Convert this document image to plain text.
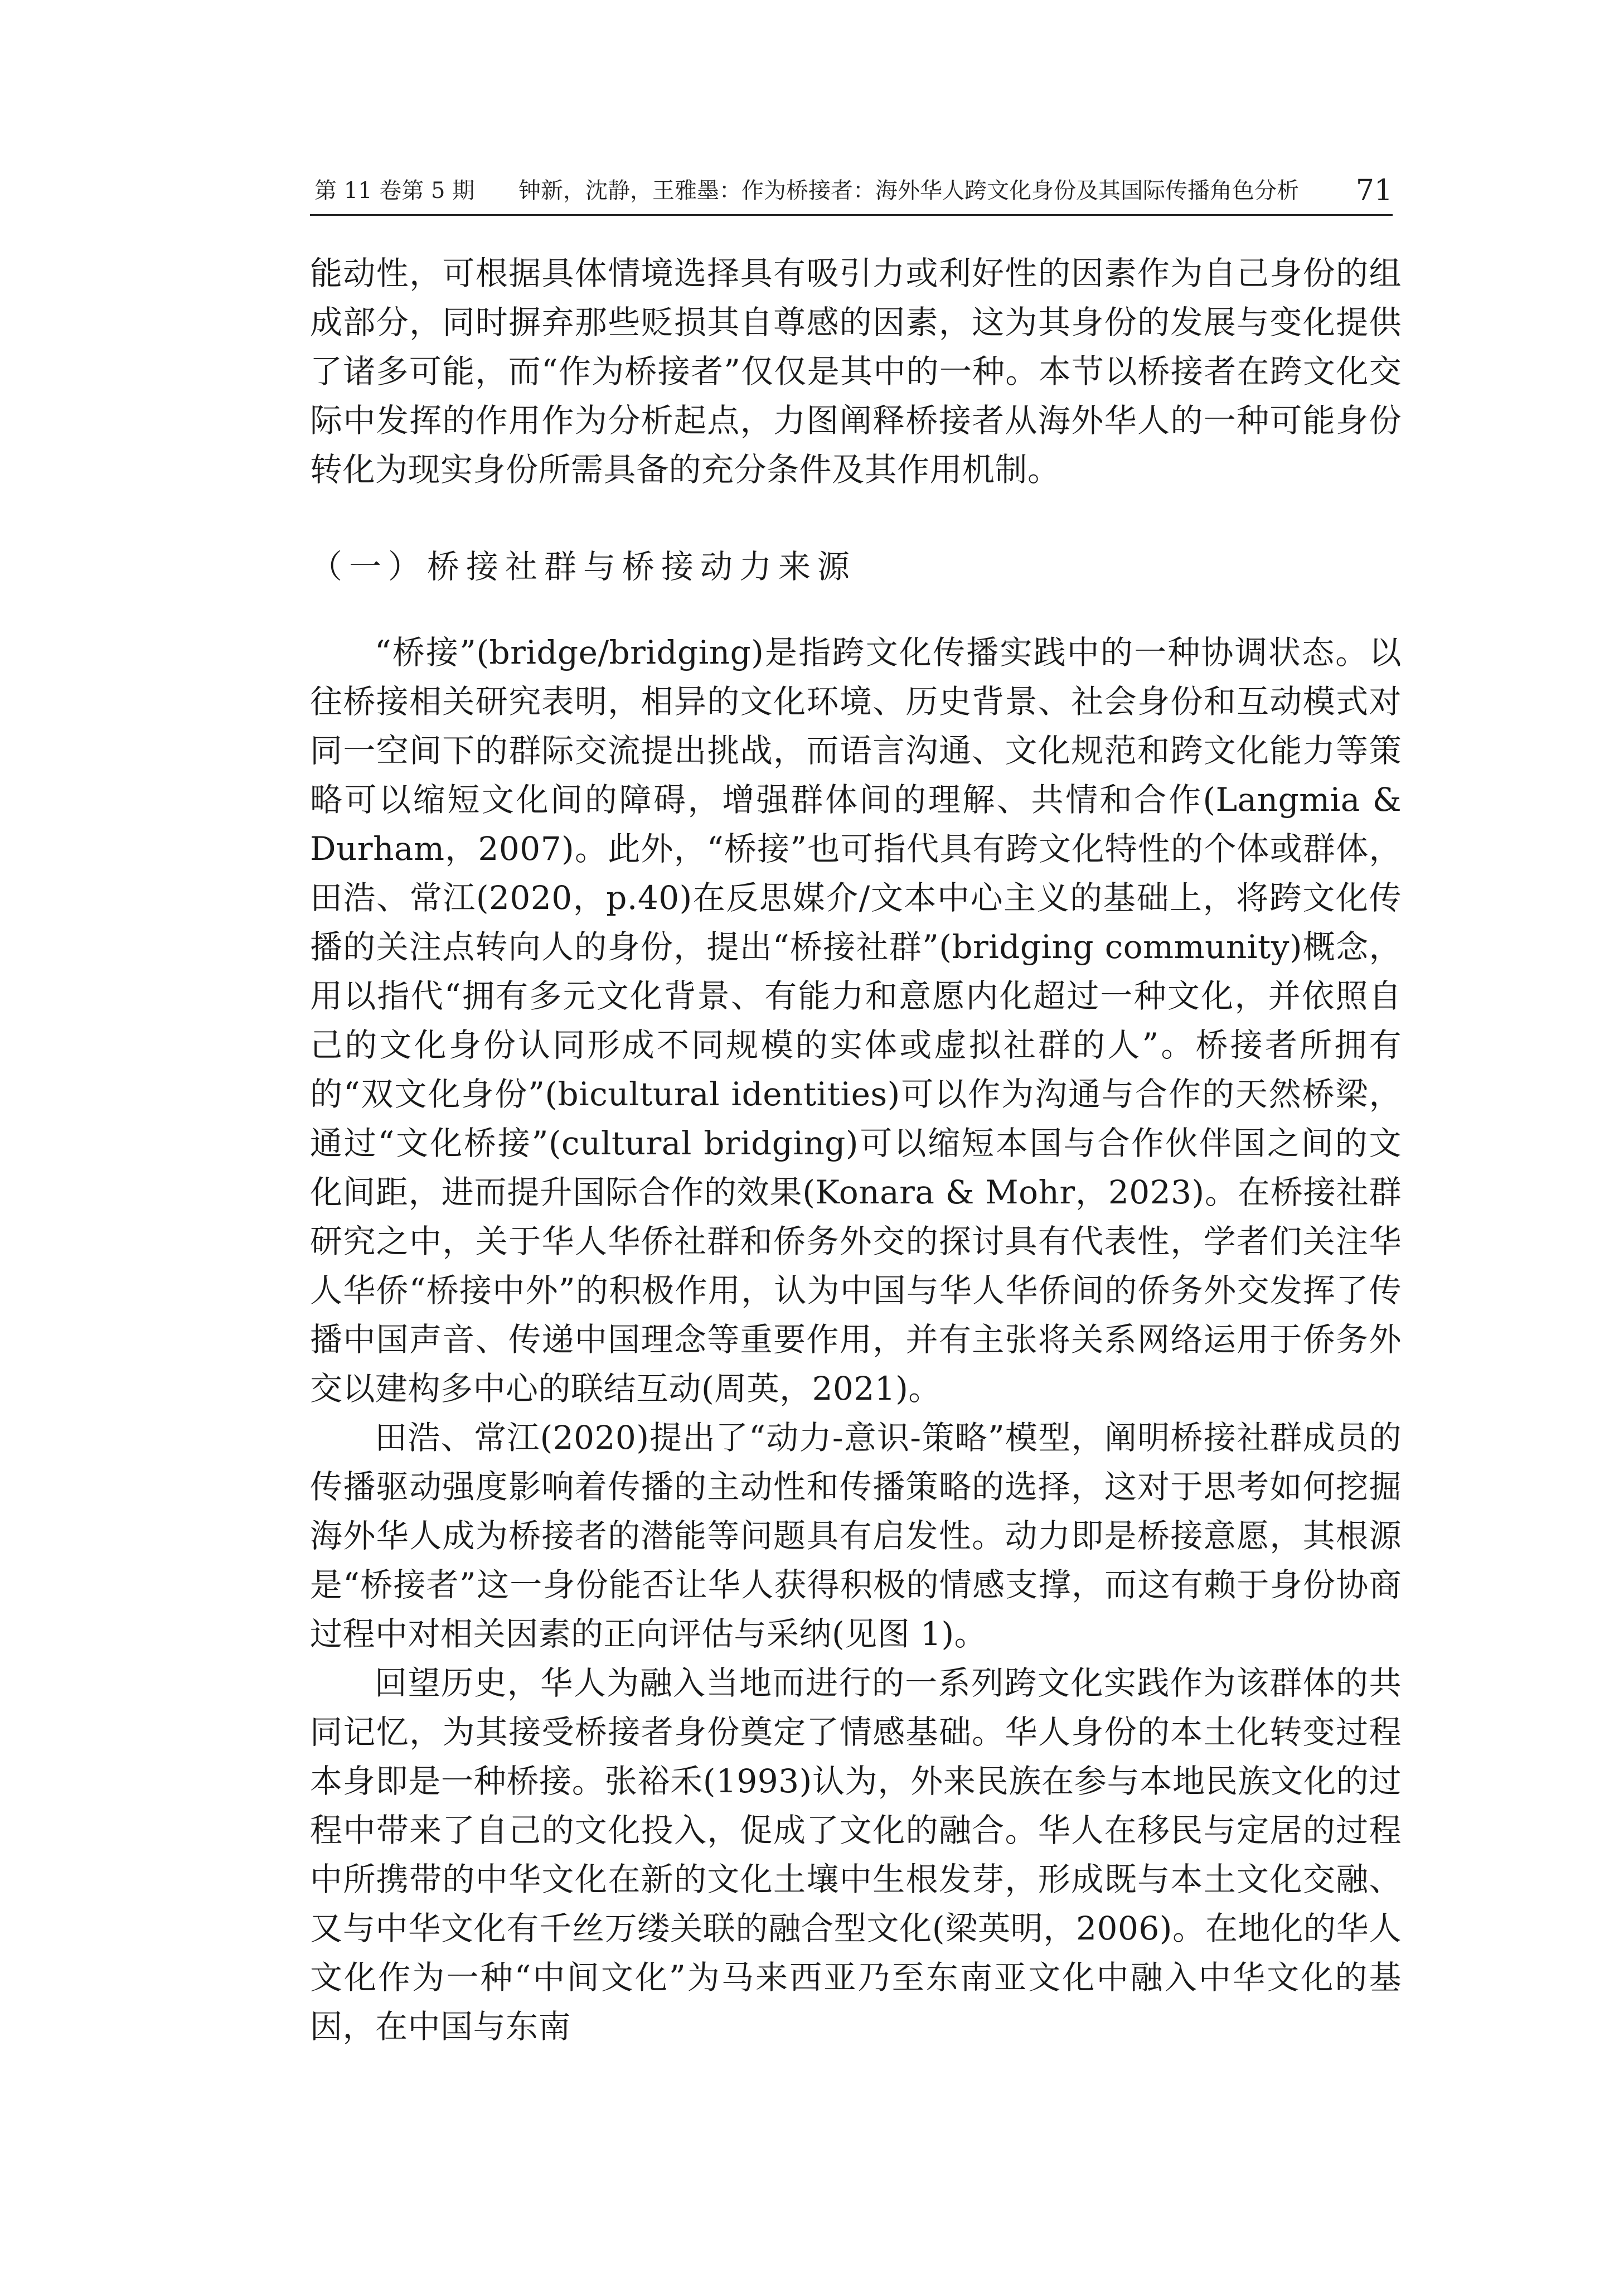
第 11 卷第 5 期 钟新，沈静，王雅墨：作为桥接者：海外华人跨文化身份及其国际传播角色分析 71

能动性，可根据具体情境选择具有吸引力或利好性的因素作为自己身份的组成部分，同时摒弃那些贬损其自尊感的因素，这为其身份的发展与变化提供了诸多可能，而“作为桥接者”仅仅是其中的一种。本节以桥接者在跨文化交际中发挥的作用作为分析起点，力图阐释桥接者从海外华人的一种可能身份转化为现实身份所需具备的充分条件及其作用机制。

（一）桥接社群与桥接动力来源

“桥接”(bridge/bridging)是指跨文化传播实践中的一种协调状态。以往桥接相关研究表明，相异的文化环境、历史背景、社会身份和互动模式对同一空间下的群际交流提出挑战，而语言沟通、文化规范和跨文化能力等策略可以缩短文化间的障碍，增强群体间的理解、共情和合作(Langmia & Durham，2007)。此外，“桥接”也可指代具有跨文化特性的个体或群体，田浩、常江(2020，p.40)在反思媒介/文本中心主义的基础上，将跨文化传播的关注点转向人的身份，提出“桥接社群”(bridging community)概念，用以指代“拥有多元文化背景、有能力和意愿内化超过一种文化，并依照自己的文化身份认同形成不同规模的实体或虚拟社群的人”。桥接者所拥有的“双文化身份”(bicultural identities)可以作为沟通与合作的天然桥梁，通过“文化桥接”(cultural bridging)可以缩短本国与合作伙伴国之间的文化间距，进而提升国际合作的效果(Konara & Mohr，2023)。在桥接社群研究之中，关于华人华侨社群和侨务外交的探讨具有代表性，学者们关注华人华侨“桥接中外”的积极作用，认为中国与华人华侨间的侨务外交发挥了传播中国声音、传递中国理念等重要作用，并有主张将关系网络运用于侨务外交以建构多中心的联结互动(周英，2021)。

田浩、常江(2020)提出了“动力-意识-策略”模型，阐明桥接社群成员的传播驱动强度影响着传播的主动性和传播策略的选择，这对于思考如何挖掘海外华人成为桥接者的潜能等问题具有启发性。动力即是桥接意愿，其根源是“桥接者”这一身份能否让华人获得积极的情感支撑，而这有赖于身份协商过程中对相关因素的正向评估与采纳(见图 1)。

回望历史，华人为融入当地而进行的一系列跨文化实践作为该群体的共同记忆，为其接受桥接者身份奠定了情感基础。华人身份的本土化转变过程本身即是一种桥接。张裕禾(1993)认为，外来民族在参与本地民族文化的过程中带来了自己的文化投入，促成了文化的融合。华人在移民与定居的过程中所携带的中华文化在新的文化土壤中生根发芽，形成既与本土文化交融、又与中华文化有千丝万缕关联的融合型文化(梁英明，2006)。在地化的华人文化作为一种“中间文化”为马来西亚乃至东南亚文化中融入中华文化的基因，在中国与东南
